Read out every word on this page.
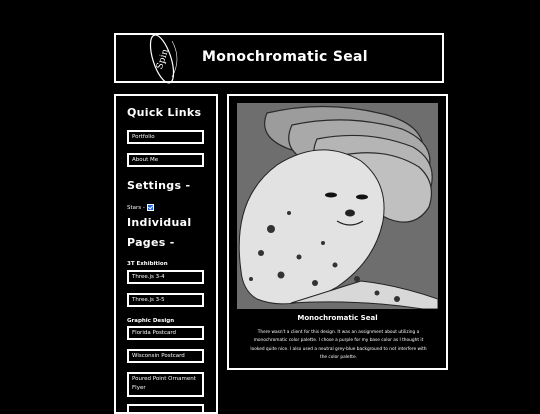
Spin Monochromatic Seal
Quick Links
Portfolio
About Me
Settings -
Stars -
Individual
Pages -
3T Exhibition
Three.js 3-4
Three.js 3-5
Graphic Design
Florida Postcard
Wisconsin Postcard
Poured Point Ornament Flyer
Monochromatic Seal
There wasn't a client for this design. It was an assignment about utilizing a
monochromatic color palette. I chose a purple for my base color as I thought it
looked quite nice. I also used a neutral grey-blue background to not interfere with
the color palette.
